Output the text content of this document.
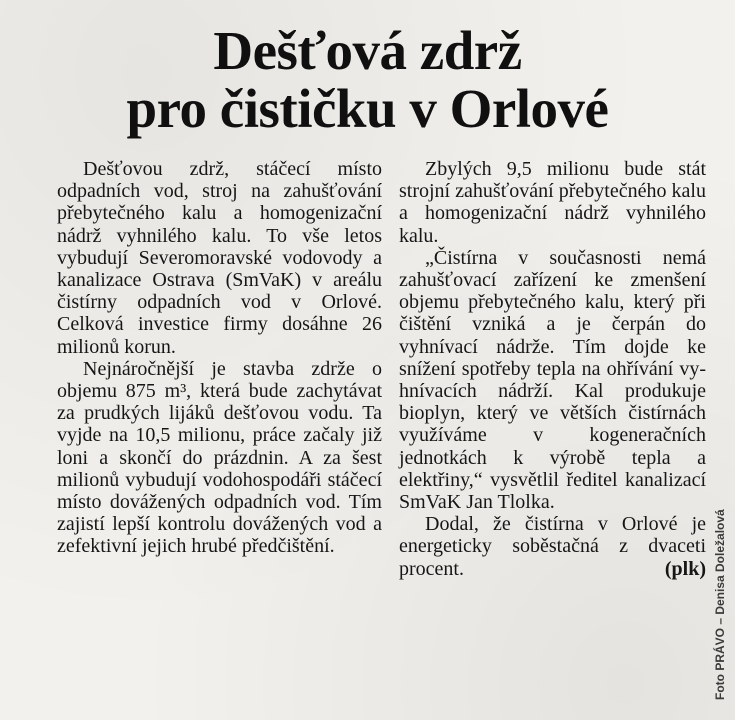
Dešťová zdrž
pro čističku v Orlové

Dešťovou zdrž, stáčecí místo odpadních vod, stroj na zahušťování přebytečného kalu a homogenizační nádrž vyhnilého kalu. To vše letos vybudují Severomoravské vodovody a kanalizace Ostrava (SmVaK) v areálu čistírny odpadních vod v Orlové. Celková investice firmy dosáhne 26 milionů korun.

Nejnáročnější je stavba zdrže o objemu 875 m³, která bude zachytávat za prudkých lijáků dešťovou vodu. Ta vyjde na 10,5 milionu, práce začaly již loni a skončí do prázdnin. A za šest milionů vybudují vodohospodáři stáčecí místo dovážených odpadních vod. Tím zajistí lepší kontrolu dovážených vod a zefektivní jejich hrubé předčištění.

Zbylých 9,5 milionu bude stát strojní zahušťování přebytečného kalu a homogenizační nádrž vyhnilého kalu.

„Čistírna v současnosti nemá zahušťovací zařízení ke zmenšení objemu přebytečného kalu, který při čištění vzniká a je čerpán do vyhnívací nádrže. Tím dojde ke snížení spotřeby tepla na ohřívání vyhnívacích nádrží. Kal produkuje bioplyn, který ve větších čistírnách využíváme v kogeneračních jednotkách k výrobě tepla a elektřiny,“ vysvětlil ředitel kanalizací SmVaK Jan Tlolka.

Dodal, že čistírna v Orlové je energeticky soběstačná z dvaceti procent.	(plk) Foto PRÁVO – Denisa Doležalová
